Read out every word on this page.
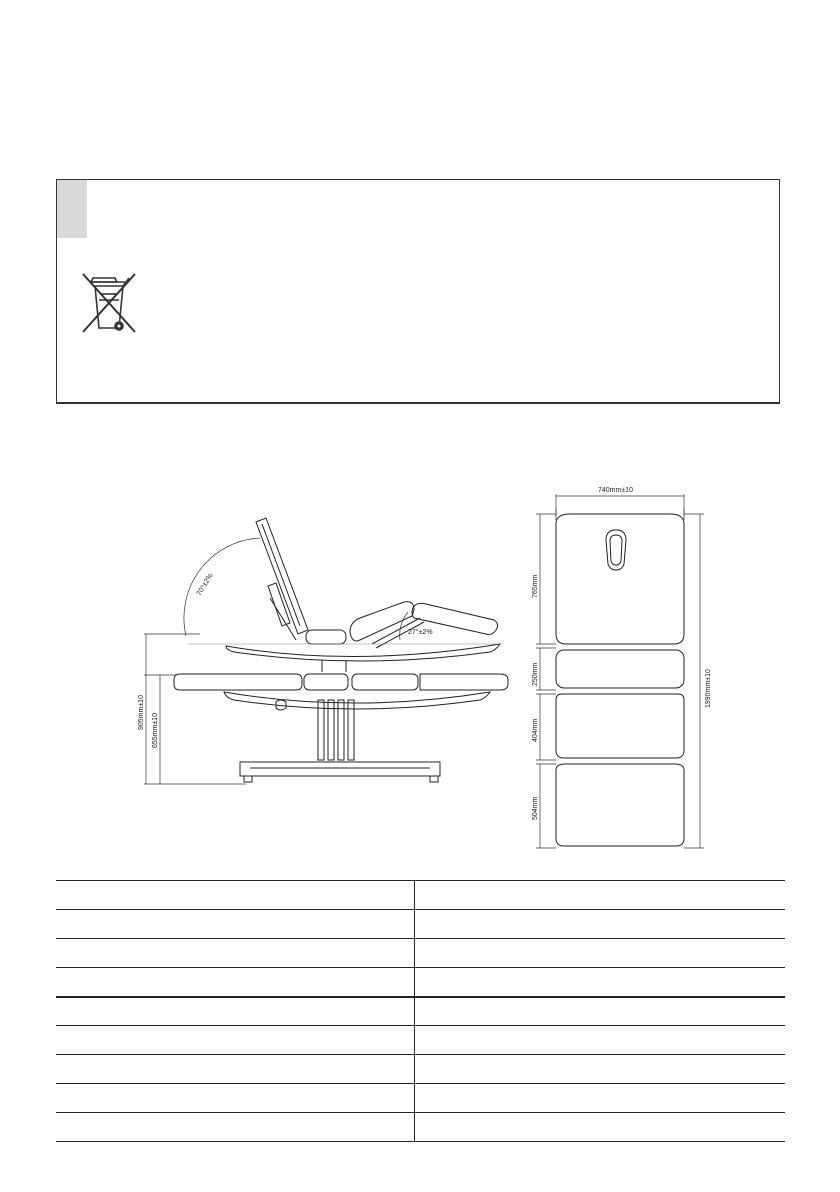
70°±2%
27°±2%
905mm±10
655mm±10
740mm±10
765mm
250mm
404mm
504mm
1990mm±10
